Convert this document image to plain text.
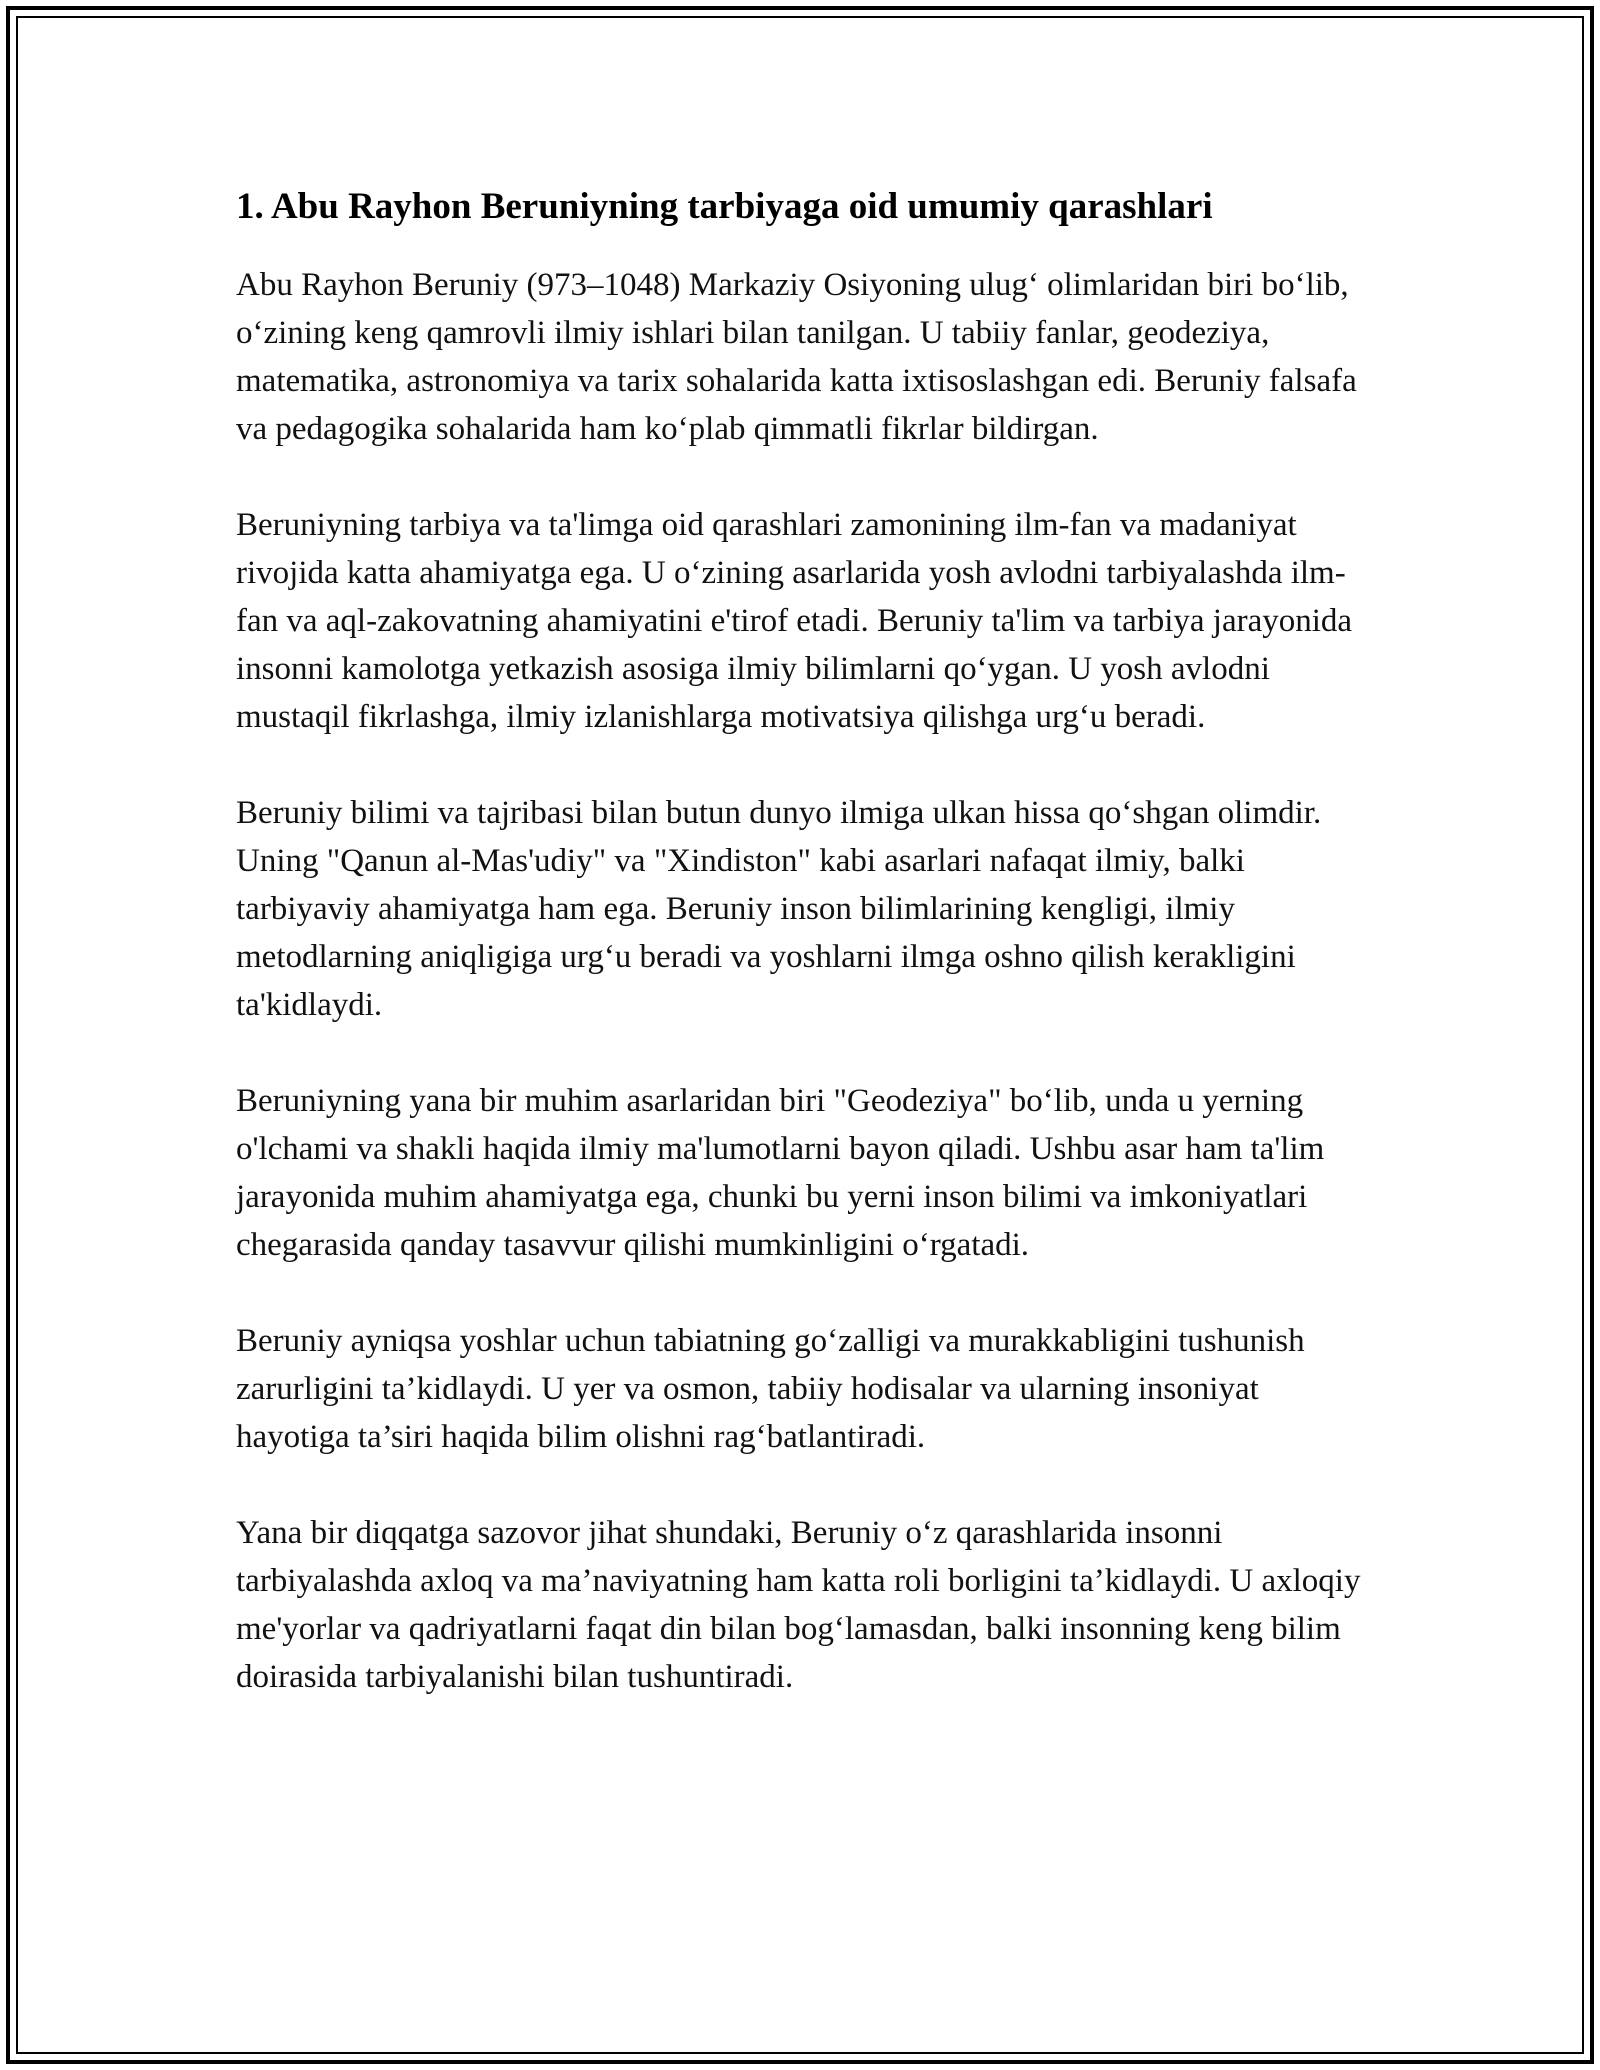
1. Abu Rayhon Beruniyning tarbiyaga oid umumiy qarashlari

Abu Rayhon Beruniy (973–1048) Markaziy Osiyoning ulug‘ olimlaridan biri bo‘lib, o‘zining keng qamrovli ilmiy ishlari bilan tanilgan. U tabiiy fanlar, geodeziya, matematika, astronomiya va tarix sohalarida katta ixtisoslashgan edi. Beruniy falsafa va pedagogika sohalarida ham ko‘plab qimmatli fikrlar bildirgan.

Beruniyning tarbiya va ta'limga oid qarashlari zamonining ilm-fan va madaniyat rivojida katta ahamiyatga ega. U o‘zining asarlarida yosh avlodni tarbiyalashda ilm-fan va aql-zakovatning ahamiyatini e'tirof etadi. Beruniy ta'lim va tarbiya jarayonida insonni kamolotga yetkazish asosiga ilmiy bilimlarni qo‘ygan. U yosh avlodni mustaqil fikrlashga, ilmiy izlanishlarga motivatsiya qilishga urg‘u beradi.

Beruniy bilimi va tajribasi bilan butun dunyo ilmiga ulkan hissa qo‘shgan olimdir. Uning "Qanun al-Mas'udiy" va "Xindiston" kabi asarlari nafaqat ilmiy, balki tarbiyaviy ahamiyatga ham ega. Beruniy inson bilimlarining kengligi, ilmiy metodlarning aniqligiga urg‘u beradi va yoshlarni ilmga oshno qilish kerakligini ta'kidlaydi.

Beruniyning yana bir muhim asarlaridan biri "Geodeziya" bo‘lib, unda u yerning o'lchami va shakli haqida ilmiy ma'lumotlarni bayon qiladi. Ushbu asar ham ta'lim jarayonida muhim ahamiyatga ega, chunki bu yerni inson bilimi va imkoniyatlari chegarasida qanday tasavvur qilishi mumkinligini o‘rgatadi.

Beruniy ayniqsa yoshlar uchun tabiatning go‘zalligi va murakkabligini tushunish zarurligini ta’kidlaydi. U yer va osmon, tabiiy hodisalar va ularning insoniyat hayotiga ta’siri haqida bilim olishni rag‘batlantiradi.

Yana bir diqqatga sazovor jihat shundaki, Beruniy o‘z qarashlarida insonni tarbiyalashda axloq va ma’naviyatning ham katta roli borligini ta’kidlaydi. U axloqiy me'yorlar va qadriyatlarni faqat din bilan bog‘lamasdan, balki insonning keng bilim doirasida tarbiyalanishi bilan tushuntiradi.
